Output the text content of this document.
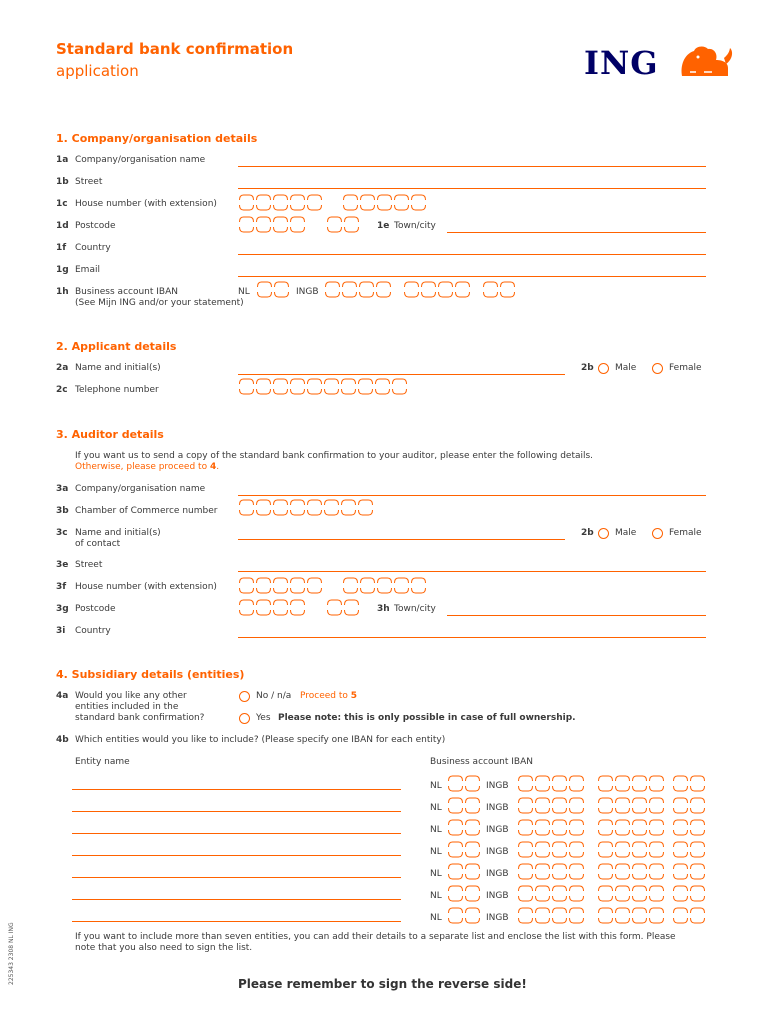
Standard bank confirmation
application	ING
1. Company/organisation details
1a Company/organisation name
1b Street
1c House number (with extension)
1d Postcode	1e Town/city
1f Country
1g Email
1h Business account IBAN
(See Mijn ING and/or your statement)
NL	INGB
2. Applicant details
2a Name and initial(s)	2b Male	Female
2c Telephone number
3. Auditor details
If you want us to send a copy of the standard bank confirmation to your auditor, please enter the following details.
Otherwise, please proceed to 4.
3a Company/organisation name
3b Chamber of Commerce number
3c Name and initial(s)
of contact
2b Male	Female
3e Street
3f House number (with extension)
3g Postcode	3h Town/city
3i Country
4. Subsidiary details (entities)
4a Would you like any other
entities included in the
standard bank confirmation?
No / n/a Proceed to 5
Yes Please note: this is only possible in case of full ownership.
4b Which entities would you like to include? (Please specify one IBAN for each entity)
Entity name	Business account IBAN
NL	INGB
NL	INGB
NL	INGB
NL	INGB
NL	INGB
NL	INGB
NL	INGB
If you want to include more than seven entities, you can add their details to a separate list and enclose the list with this form. Please
note that you also need to sign the list.
Please remember to sign the reverse side!
225343 2308 NL ING
